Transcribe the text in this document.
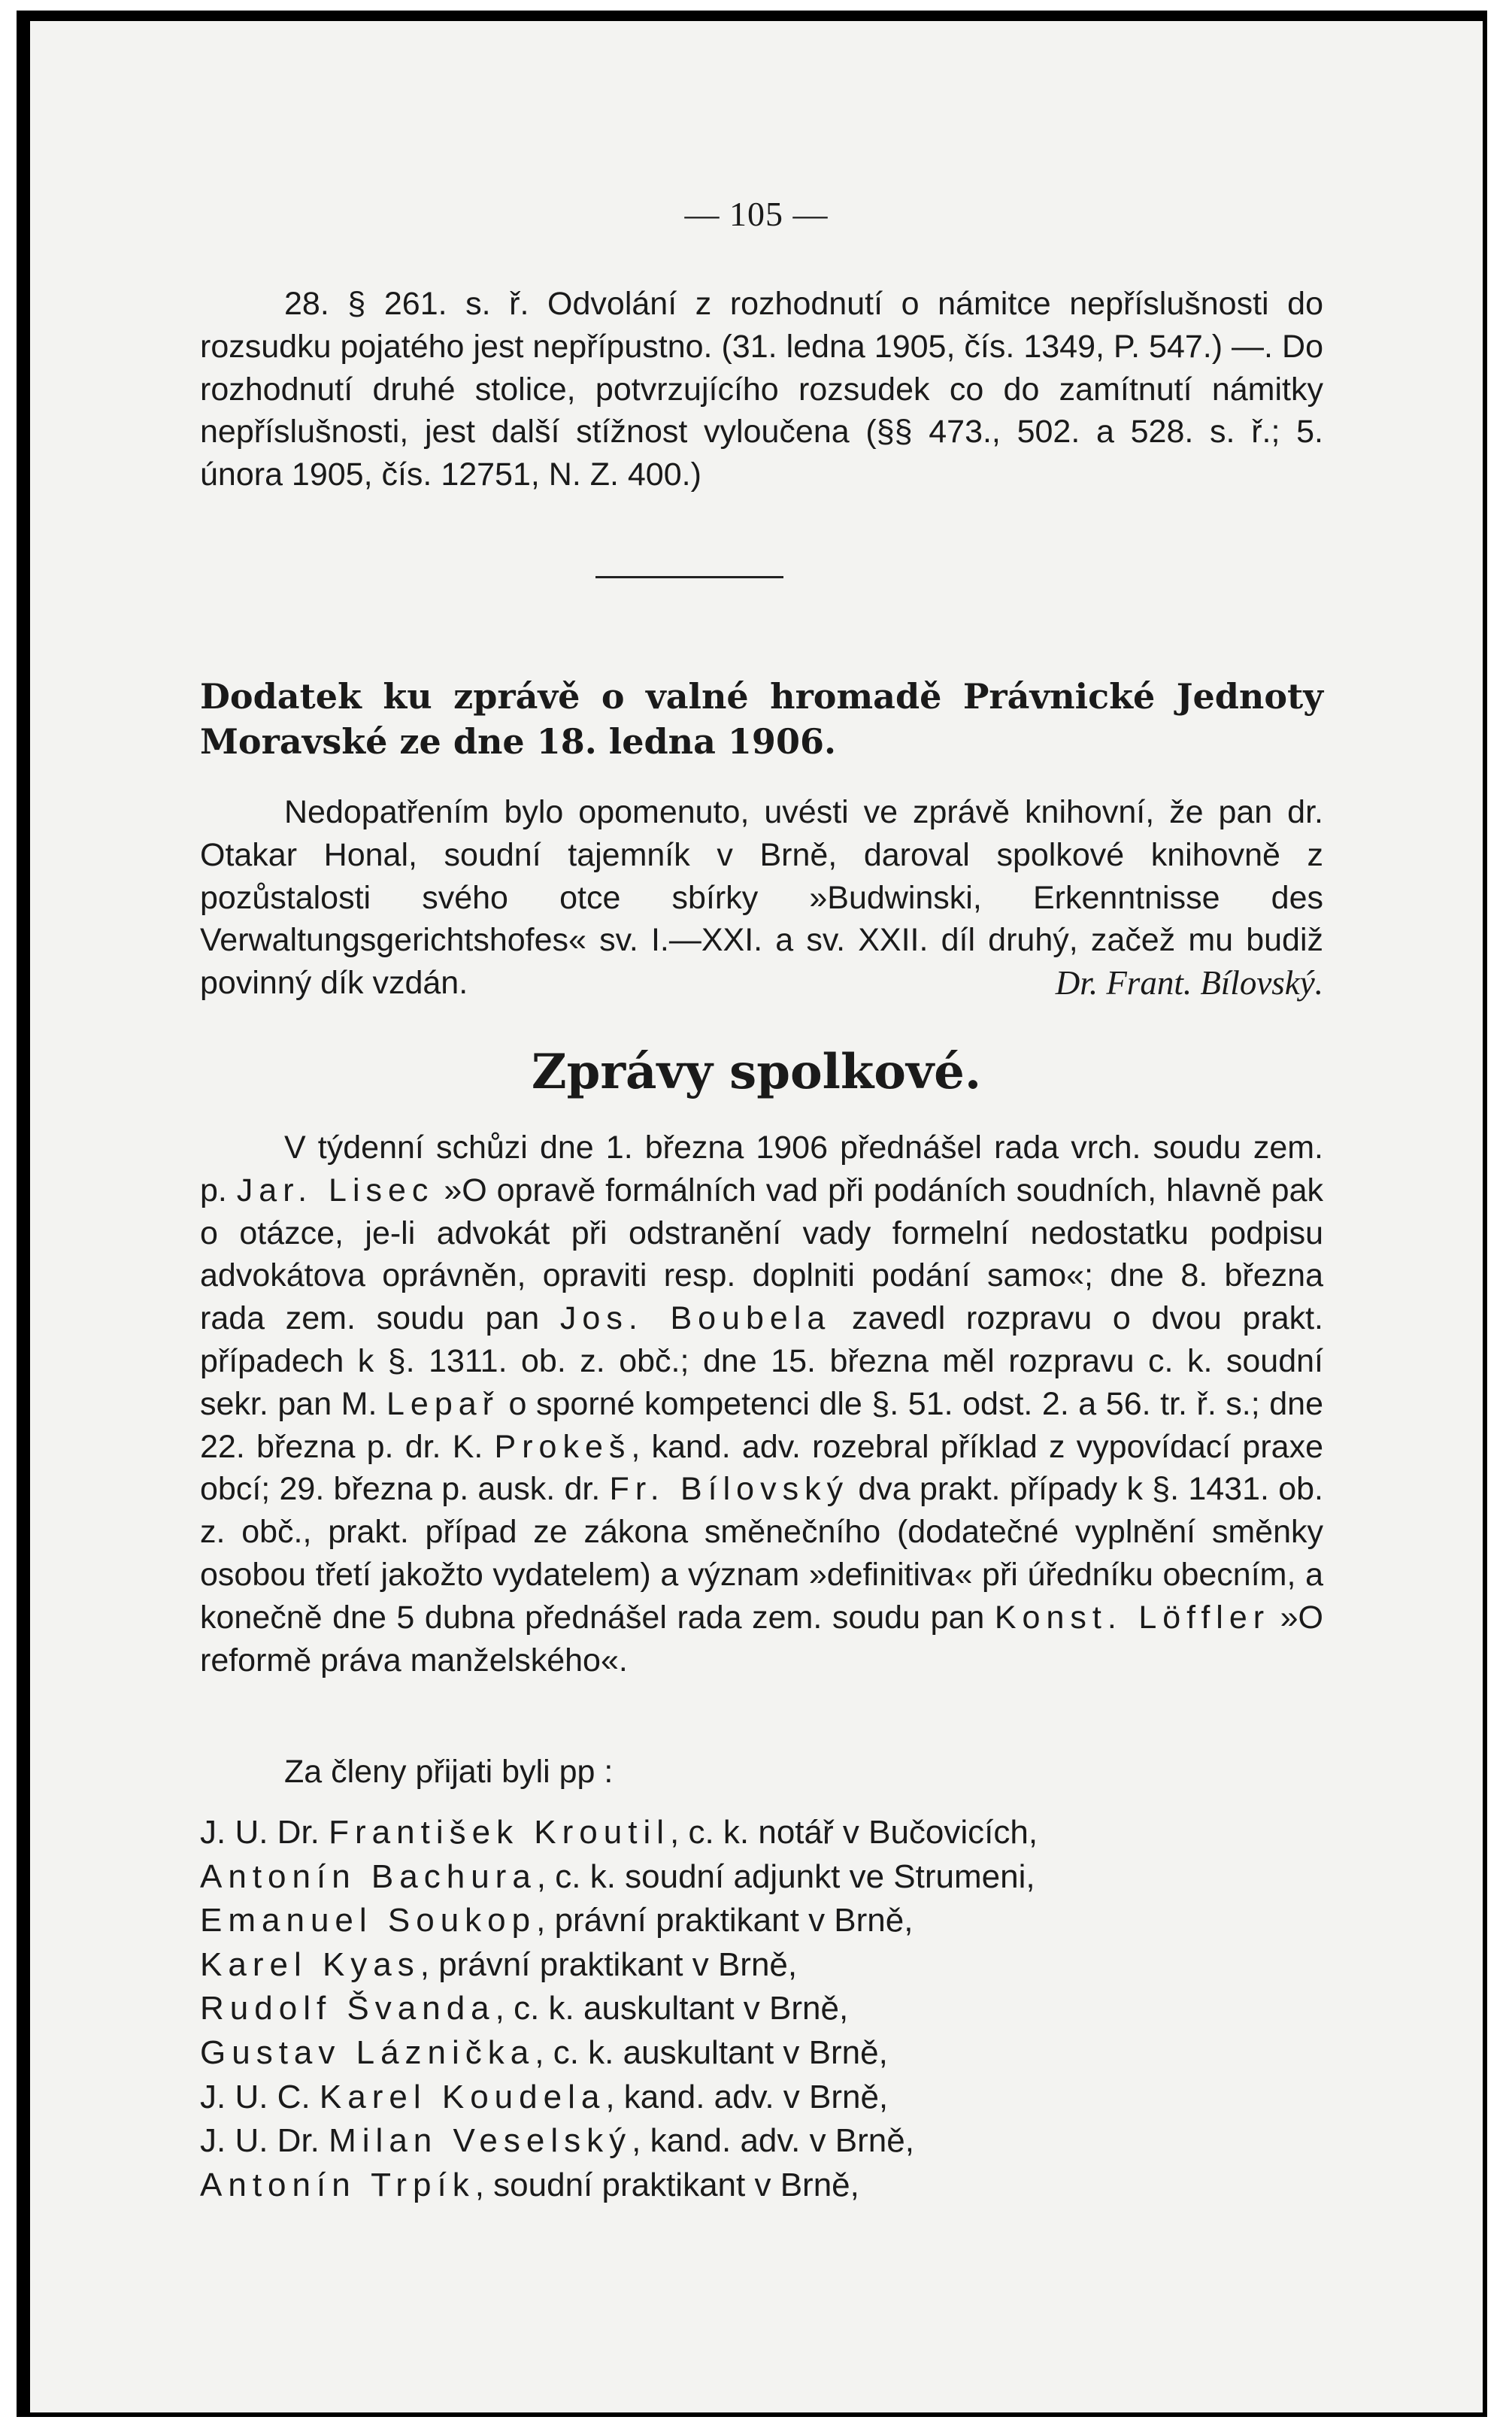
— 105 —

28. § 261. s. ř. Odvolání z rozhodnutí o námitce nepříslušnosti do rozsudku pojatého jest nepřípustno. (31. ledna 1905, čís. 1349, P. 547.) —. Do rozhodnutí druhé stolice, potvrzujícího rozsudek co do zamítnutí námitky nepříslušnosti, jest další stížnost vyloučena (§§ 473., 502. a 528. s. ř.; 5. února 1905, čís. 12751, N. Z. 400.)

Dodatek ku zprávě o valné hromadě Právnické Jednoty
Moravské ze dne 18. ledna 1906.

Nedopatřením bylo opomenuto, uvésti ve zprávě knihovní, že pan dr. Otakar Honal, soudní tajemník v Brně, daroval spolkové knihovně z pozůstalosti svého otce sbírky »Budwinski, Erkenntnisse des Verwaltungsgerichtshofes« sv. I.—XXI. a sv. XXII. díl druhý, začež mu budiž povinný dík vzdán.	Dr. Frant. Bílovský.

Zprávy spolkové.

V týdenní schůzi dne 1. března 1906 přednášel rada vrch. soudu zem. p. Jar. Lisec »O opravě formálních vad při podáních soudních, hlavně pak o otázce, je-li advokát při odstranění vady formelní nedostatku podpisu advokátova oprávněn, opraviti resp. doplniti podání samo«; dne 8. března rada zem. soudu pan Jos. Boubela zavedl rozpravu o dvou prakt. případech k §. 1311. ob. z. obč.; dne 15. března měl rozpravu c. k. soudní sekr. pan M. Lepař o sporné kompetenci dle §. 51. odst. 2. a 56. tr. ř. s.; dne 22. března p. dr. K. Prokeš, kand. adv. rozebral příklad z vypovídací praxe obcí; 29. března p. ausk. dr. Fr. Bílovský dva prakt. případy k §. 1431. ob. z. obč., prakt. případ ze zákona směnečního (dodatečné vyplnění směnky osobou třetí jakožto vydatelem) a význam »definitiva« při úředníku obecním, a konečně dne 5 dubna přednášel rada zem. soudu pan Konst. Löffler »O reformě práva manželského«.

Za členy přijati byli pp :

J. U. Dr. František Kroutil, c. k. notář v Bučovicích,
Antonín Bachura, c. k. soudní adjunkt ve Strumeni,
Emanuel Soukop, právní praktikant v Brně,
Karel Kyas, právní praktikant v Brně,
Rudolf Švanda, c. k. auskultant v Brně,
Gustav Láznička, c. k. auskultant v Brně,
J. U. C. Karel Koudela, kand. adv. v Brně,
J. U. Dr. Milan Veselský, kand. adv. v Brně,
Antonín Trpík, soudní praktikant v Brně,
